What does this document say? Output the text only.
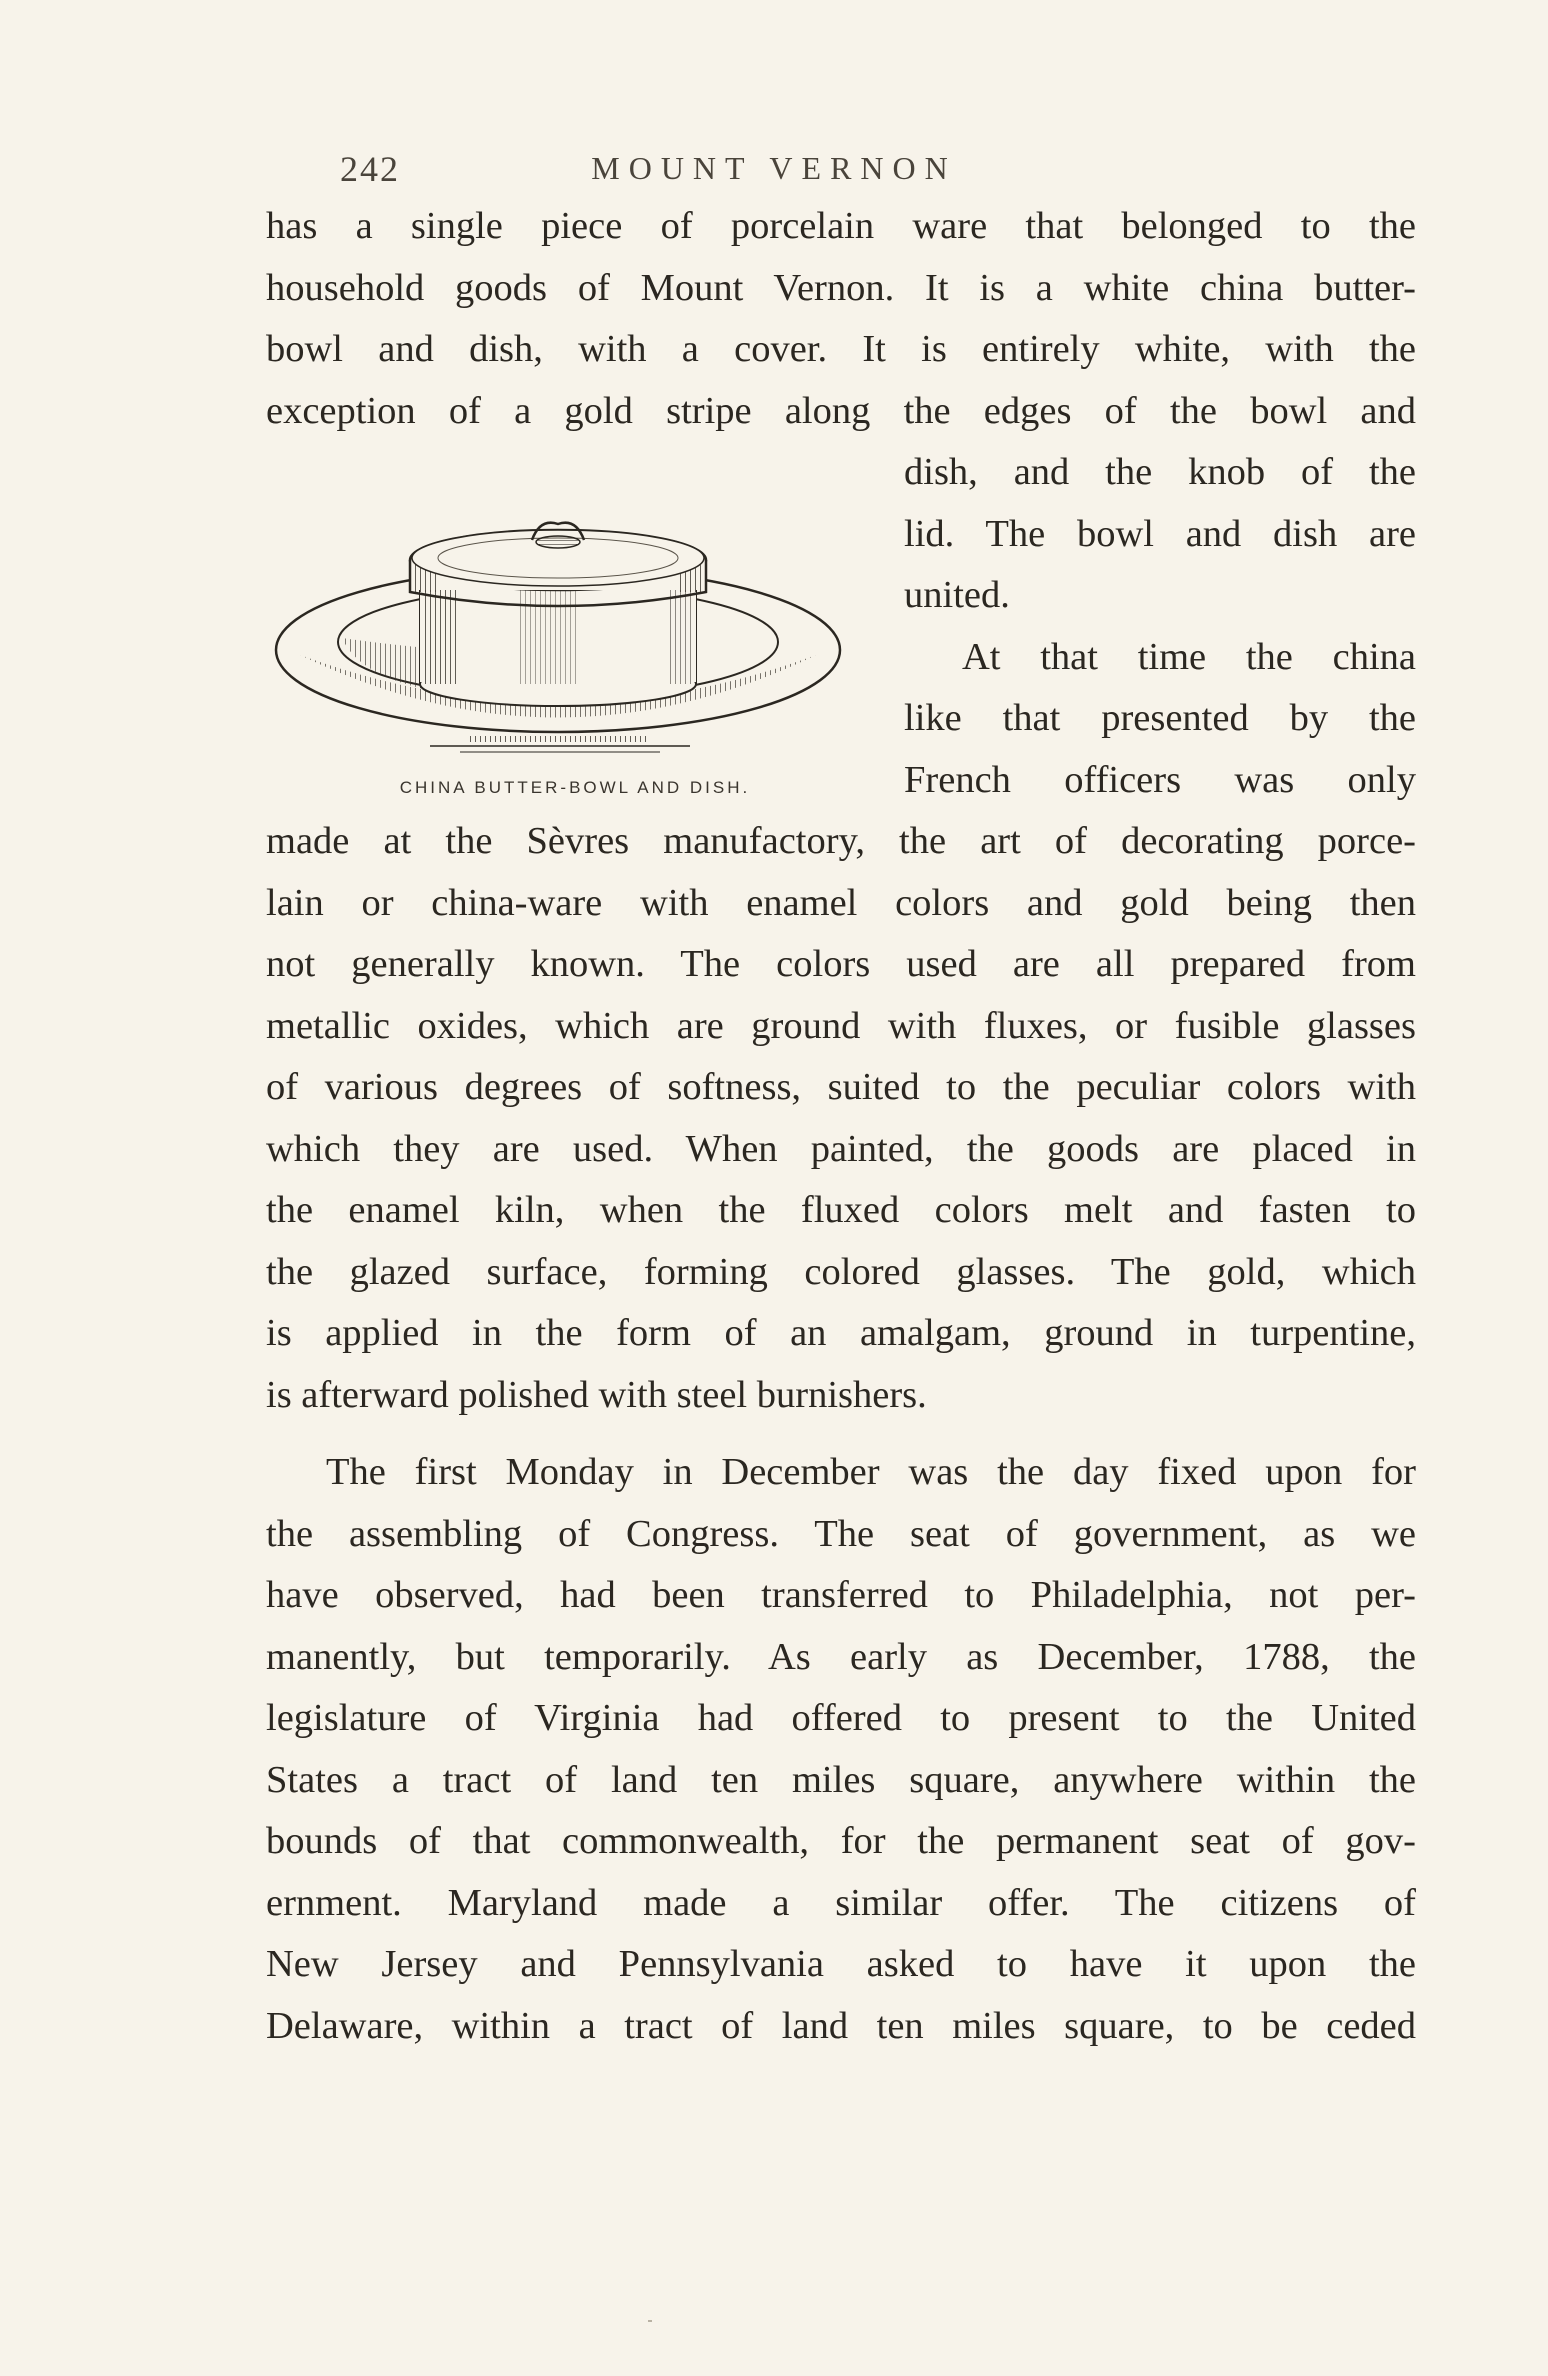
242	MOUNT VERNON
has a single piece of porcelain ware that belonged to the
household goods of Mount Vernon. It is a white china butter-
bowl and dish, with a cover. It is entirely white, with the
exception of a gold stripe along the edges of the bowl and
dish, and the knob of the
lid. The bowl and dish are
united.
At that time the china
like that presented by the
French officers was only
CHINA BUTTER-BOWL AND DISH.
made at the Sèvres manufactory, the art of decorating porce-
lain or china-ware with enamel colors and gold being then
not generally known. The colors used are all prepared from
metallic oxides, which are ground with fluxes, or fusible glasses
of various degrees of softness, suited to the peculiar colors with
which they are used. When painted, the goods are placed in
the enamel kiln, when the fluxed colors melt and fasten to
the glazed surface, forming colored glasses. The gold, which
is applied in the form of an amalgam, ground in turpentine,
is afterward polished with steel burnishers.
The first Monday in December was the day fixed upon for
the assembling of Congress. The seat of government, as we
have observed, had been transferred to Philadelphia, not per-
manently, but temporarily. As early as December, 1788, the
legislature of Virginia had offered to present to the United
States a tract of land ten miles square, anywhere within the
bounds of that commonwealth, for the permanent seat of gov-
ernment. Maryland made a similar offer. The citizens of
New Jersey and Pennsylvania asked to have it upon the
Delaware, within a tract of land ten miles square, to be ceded
